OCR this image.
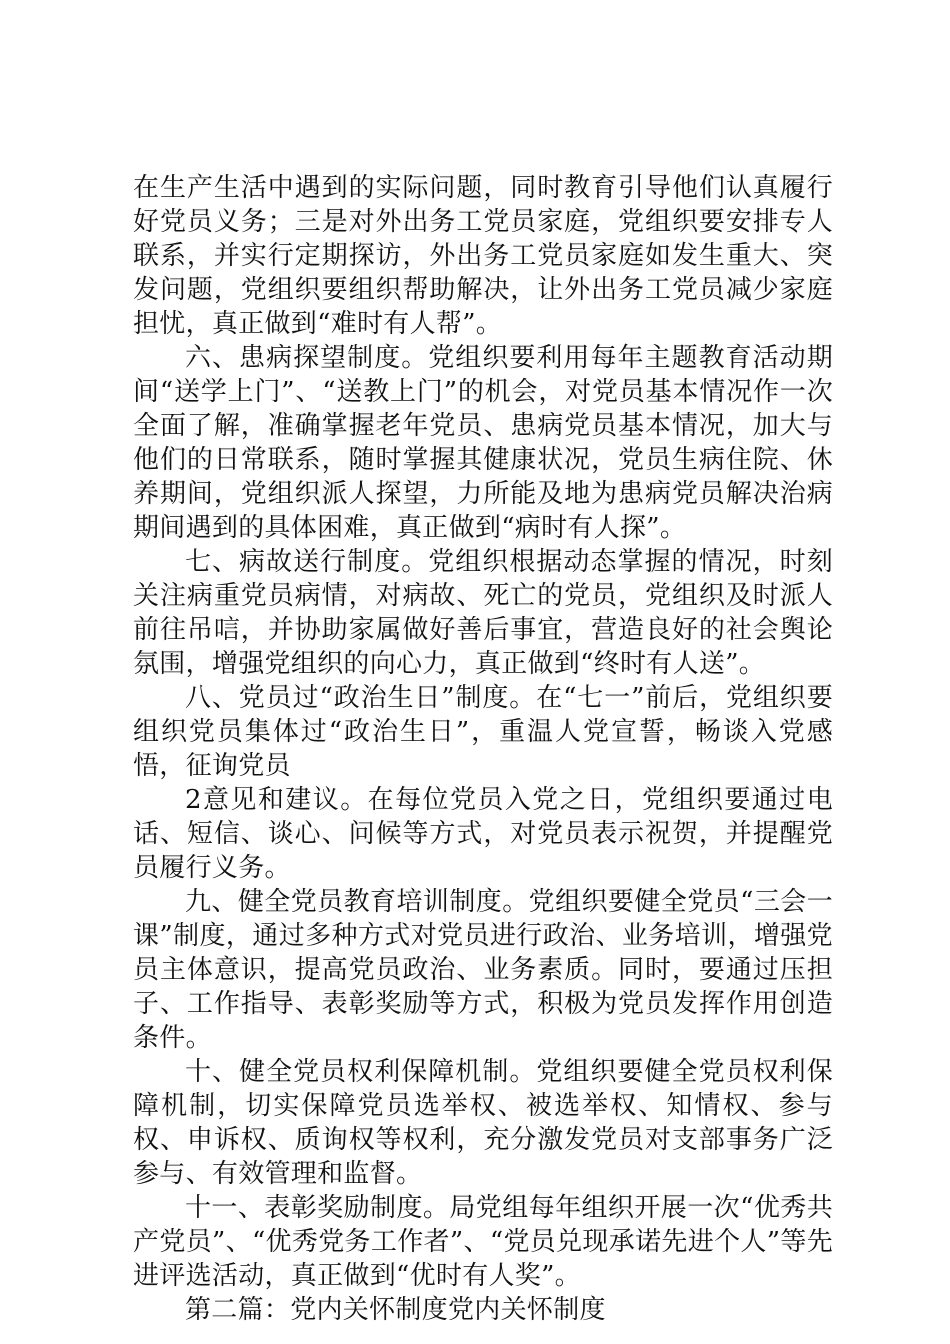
在生产生活中遇到的实际问题，同时教育引导他们认真履行好党员义务；三是对外出务工党员家庭，党组织要安排专人联系，并实行定期探访，外出务工党员家庭如发生重大、突发问题，党组织要组织帮助解决，让外出务工党员减少家庭担忧，真正做到“难时有人帮”。

六、患病探望制度。党组织要利用每年主题教育活动期间“送学上门”、“送教上门”的机会，对党员基本情况作一次全面了解，准确掌握老年党员、患病党员基本情况，加大与他们的日常联系，随时掌握其健康状况，党员生病住院、休养期间，党组织派人探望，力所能及地为患病党员解决治病期间遇到的具体困难，真正做到“病时有人探”。

七、病故送行制度。党组织根据动态掌握的情况，时刻关注病重党员病情，对病故、死亡的党员，党组织及时派人前往吊唁，并协助家属做好善后事宜，营造良好的社会舆论氛围，增强党组织的向心力，真正做到“终时有人送”。

八、党员过“政治生日”制度。在“七一”前后，党组织要组织党员集体过“政治生日”，重温人党宣誓，畅谈入党感悟，征询党员

2意见和建议。在每位党员入党之日，党组织要通过电话、短信、谈心、问候等方式，对党员表示祝贺，并提醒党员履行义务。

九、健全党员教育培训制度。党组织要健全党员“三会一课”制度，通过多种方式对党员进行政治、业务培训，增强党员主体意识，提高党员政治、业务素质。同时，要通过压担子、工作指导、表彰奖励等方式，积极为党员发挥作用创造条件。

十、健全党员权利保障机制。党组织要健全党员权利保障机制，切实保障党员选举权、被选举权、知情权、参与权、申诉权、质询权等权利，充分激发党员对支部事务广泛参与、有效管理和监督。

十一、表彰奖励制度。局党组每年组织开展一次“优秀共产党员”、“优秀党务工作者”、“党员兑现承诺先进个人”等先进评选活动，真正做到“优时有人奖”。

第二篇：党内关怀制度党内关怀制度
